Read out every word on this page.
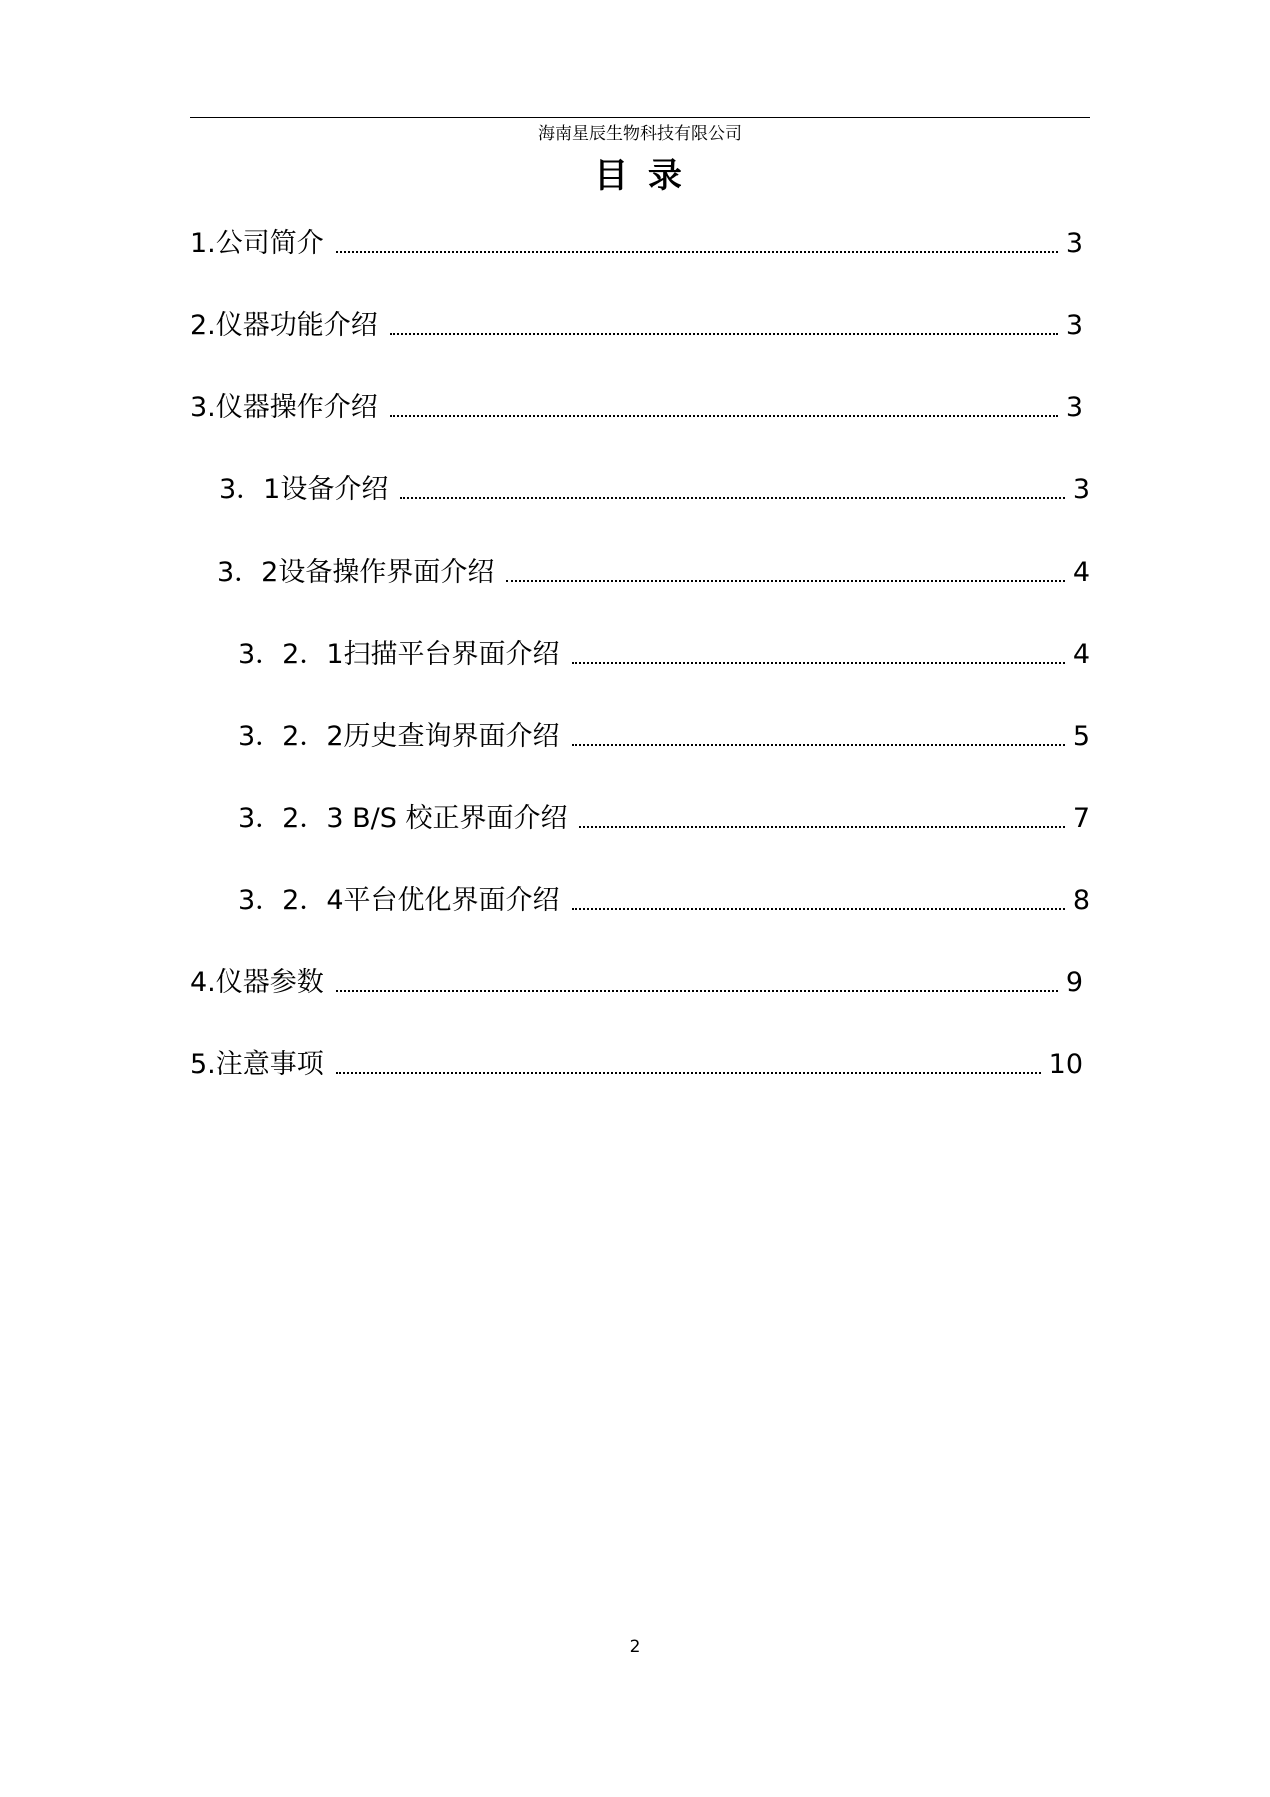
海南星辰生物科技有限公司
目 录
1.公司简介	3
2.仪器功能介绍	3
3.仪器操作介绍	3
3．1设备介绍	3
3．2设备操作界面介绍	4
3．2．1扫描平台界面介绍	4
3．2．2历史查询界面介绍	5
3．2．3 B/S 校正界面介绍	7
3．2．4平台优化界面介绍	8
4.仪器参数	9
5.注意事项	10
2
